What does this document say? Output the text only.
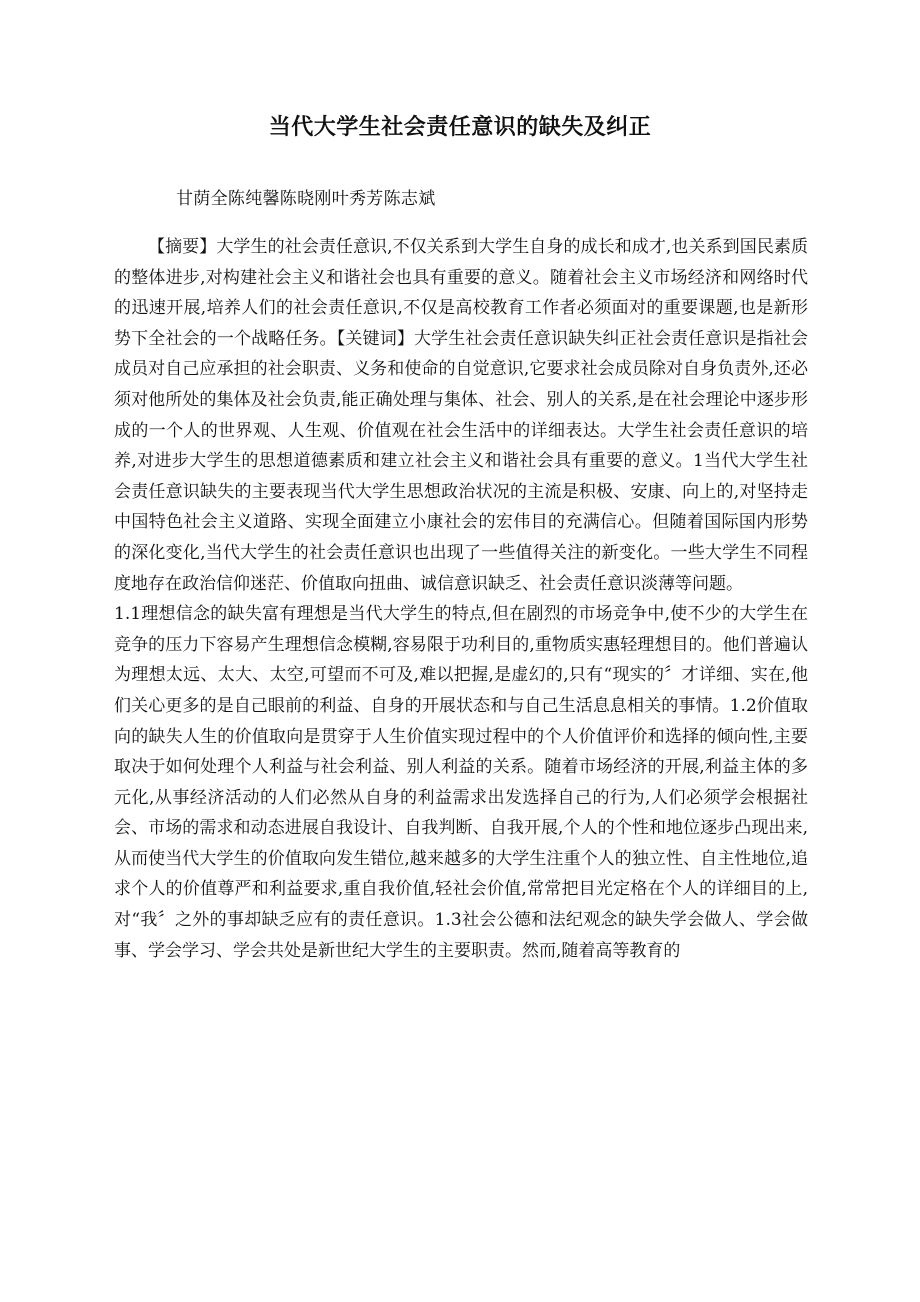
当代大学生社会责任意识的缺失及纠正

甘荫全陈纯馨陈晓刚叶秀芳陈志斌

【摘要】大学生的社会责任意识,不仅关系到大学生自身的成长和成才,也关系到国民素质的整体进步,对构建社会主义和谐社会也具有重要的意义。随着社会主义市场经济和网络时代的迅速开展,培养人们的社会责任意识,不仅是高校教育工作者必须面对的重要课题,也是新形势下全社会的一个战略任务。【关键词】大学生社会责任意识缺失纠正社会责任意识是指社会成员对自己应承担的社会职责、义务和使命的自觉意识,它要求社会成员除对自身负责外,还必须对他所处的集体及社会负责,能正确处理与集体、社会、别人的关系,是在社会理论中逐步形成的一个人的世界观、人生观、价值观在社会生活中的详细表达。大学生社会责任意识的培养,对进步大学生的思想道德素质和建立社会主义和谐社会具有重要的意义。1当代大学生社会责任意识缺失的主要表现当代大学生思想政治状况的主流是积极、安康、向上的,对坚持走中国特色社会主义道路、实现全面建立小康社会的宏伟目的充满信心。但随着国际国内形势的深化变化,当代大学生的社会责任意识也出现了一些值得关注的新变化。一些大学生不同程度地存在政治信仰迷茫、价值取向扭曲、诚信意识缺乏、社会责任意识淡薄等问题。

1.1理想信念的缺失富有理想是当代大学生的特点,但在剧烈的市场竞争中,使不少的大学生在竞争的压力下容易产生理想信念模糊,容易限于功利目的,重物质实惠轻理想目的。他们普遍认为理想太远、太大、太空,可望而不可及,难以把握,是虚幻的,只有“现实的〞才详细、实在,他们关心更多的是自己眼前的利益、自身的开展状态和与自己生活息息相关的事情。1.2价值取向的缺失人生的价值取向是贯穿于人生价值实现过程中的个人价值评价和选择的倾向性,主要取决于如何处理个人利益与社会利益、别人利益的关系。随着市场经济的开展,利益主体的多元化,从事经济活动的人们必然从自身的利益需求出发选择自己的行为,人们必须学会根据社会、市场的需求和动态进展自我设计、自我判断、自我开展,个人的个性和地位逐步凸现出来,从而使当代大学生的价值取向发生错位,越来越多的大学生注重个人的独立性、自主性地位,追求个人的价值尊严和利益要求,重自我价值,轻社会价值,常常把目光定格在个人的详细目的上,对“我〞之外的事却缺乏应有的责任意识。1.3社会公德和法纪观念的缺失学会做人、学会做事、学会学习、学会共处是新世纪大学生的主要职责。然而,随着高等教育的
